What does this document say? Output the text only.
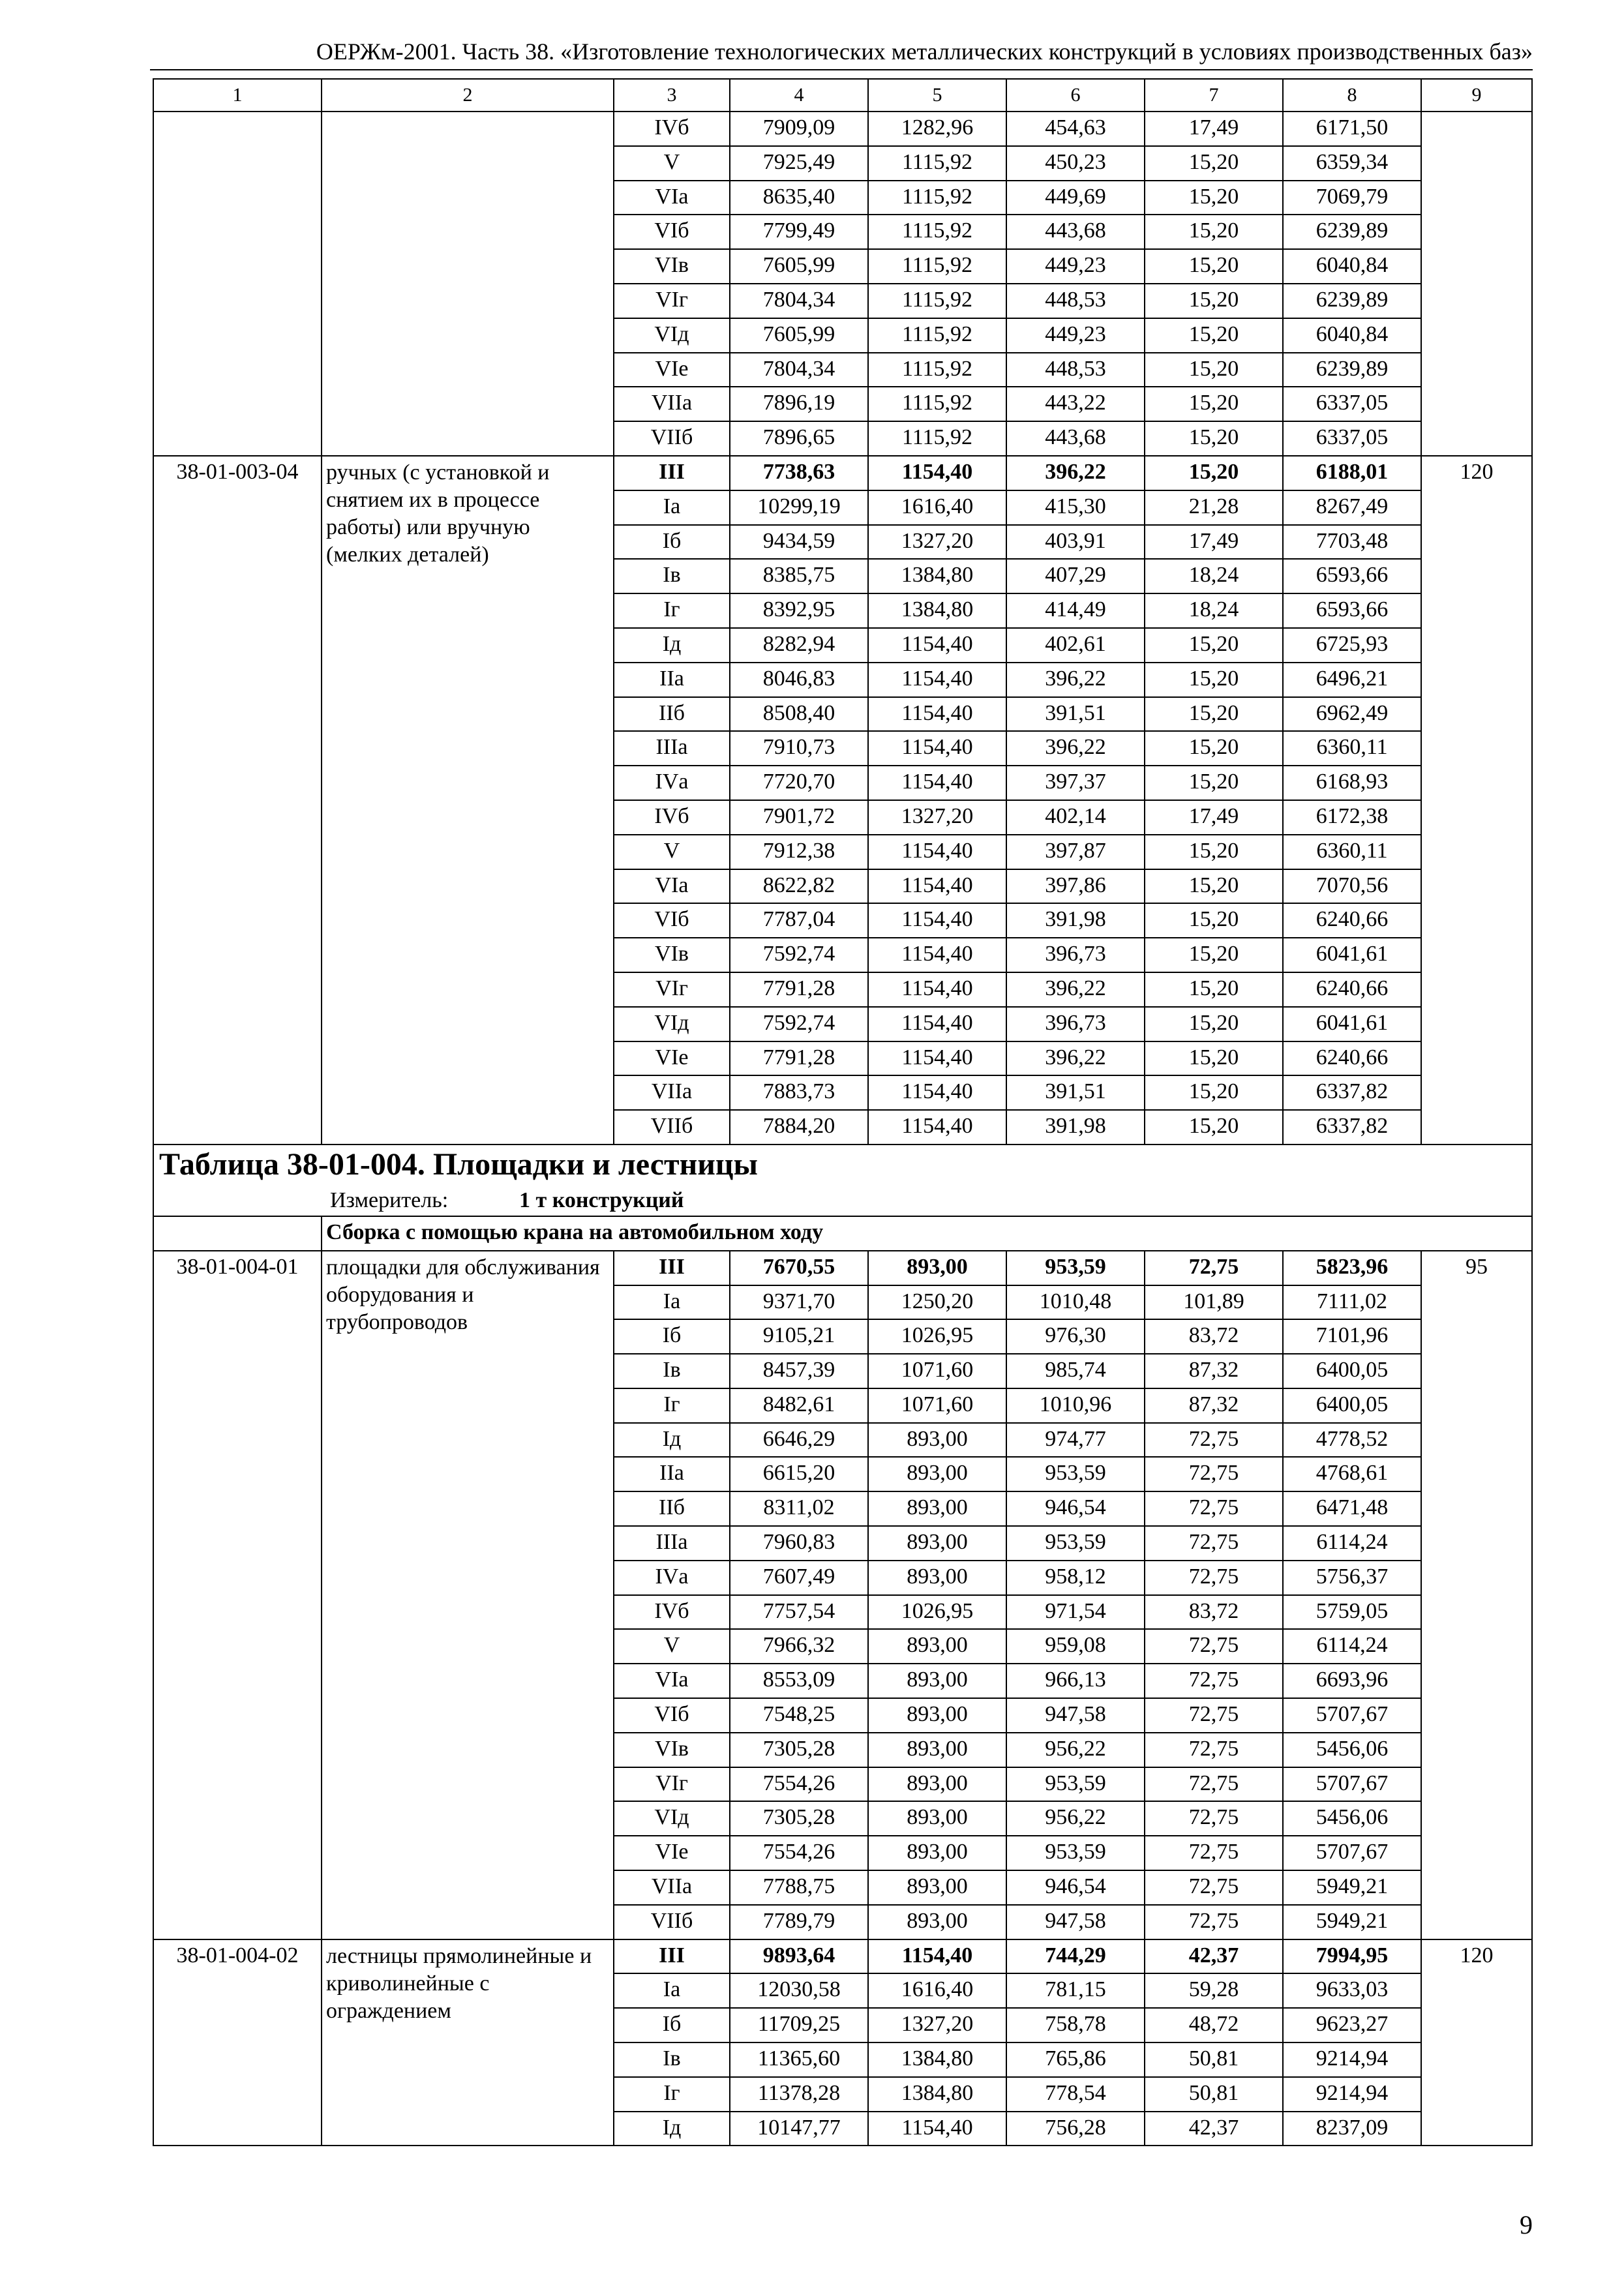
ОЕРЖм-2001. Часть 38. «Изготовление технологических металлических конструкций в условиях производственных баз»
1	2	3	4	5	6	7	8	9
		IVб	7909,09	1282,96	454,63	17,49	6171,50	
		V	7925,49	1115,92	450,23	15,20	6359,34	
		VIа	8635,40	1115,92	449,69	15,20	7069,79	
		VIб	7799,49	1115,92	443,68	15,20	6239,89	
		VIв	7605,99	1115,92	449,23	15,20	6040,84	
		VIг	7804,34	1115,92	448,53	15,20	6239,89	
		VIд	7605,99	1115,92	449,23	15,20	6040,84	
		VIе	7804,34	1115,92	448,53	15,20	6239,89	
		VIIа	7896,19	1115,92	443,22	15,20	6337,05	
		VIIб	7896,65	1115,92	443,68	15,20	6337,05	
38-01-003-04	ручных (с установкой и снятием их в процессе работы) или вручную (мелких деталей)	III	7738,63	1154,40	396,22	15,20	6188,01	120
		Iа	10299,19	1616,40	415,30	21,28	8267,49	
		Iб	9434,59	1327,20	403,91	17,49	7703,48	
		Iв	8385,75	1384,80	407,29	18,24	6593,66	
		Iг	8392,95	1384,80	414,49	18,24	6593,66	
		Iд	8282,94	1154,40	402,61	15,20	6725,93	
		IIа	8046,83	1154,40	396,22	15,20	6496,21	
		IIб	8508,40	1154,40	391,51	15,20	6962,49	
		IIIа	7910,73	1154,40	396,22	15,20	6360,11	
		IVа	7720,70	1154,40	397,37	15,20	6168,93	
		IVб	7901,72	1327,20	402,14	17,49	6172,38	
		V	7912,38	1154,40	397,87	15,20	6360,11	
		VIа	8622,82	1154,40	397,86	15,20	7070,56	
		VIб	7787,04	1154,40	391,98	15,20	6240,66	
		VIв	7592,74	1154,40	396,73	15,20	6041,61	
		VIг	7791,28	1154,40	396,22	15,20	6240,66	
		VIд	7592,74	1154,40	396,73	15,20	6041,61	
		VIе	7791,28	1154,40	396,22	15,20	6240,66	
		VIIа	7883,73	1154,40	391,51	15,20	6337,82	
		VIIб	7884,20	1154,40	391,98	15,20	6337,82	
Таблица 38-01-004. Площадки и лестницы								
Измеритель: 1 т конструкций								
	Сборка с помощью крана на автомобильном ходу							
38-01-004-01	площадки для обслуживания оборудования и трубопроводов	III	7670,55	893,00	953,59	72,75	5823,96	95
		Iа	9371,70	1250,20	1010,48	101,89	7111,02	
		Iб	9105,21	1026,95	976,30	83,72	7101,96	
		Iв	8457,39	1071,60	985,74	87,32	6400,05	
		Iг	8482,61	1071,60	1010,96	87,32	6400,05	
		Iд	6646,29	893,00	974,77	72,75	4778,52	
		IIа	6615,20	893,00	953,59	72,75	4768,61	
		IIб	8311,02	893,00	946,54	72,75	6471,48	
		IIIа	7960,83	893,00	953,59	72,75	6114,24	
		IVа	7607,49	893,00	958,12	72,75	5756,37	
		IVб	7757,54	1026,95	971,54	83,72	5759,05	
		V	7966,32	893,00	959,08	72,75	6114,24	
		VIа	8553,09	893,00	966,13	72,75	6693,96	
		VIб	7548,25	893,00	947,58	72,75	5707,67	
		VIв	7305,28	893,00	956,22	72,75	5456,06	
		VIг	7554,26	893,00	953,59	72,75	5707,67	
		VIд	7305,28	893,00	956,22	72,75	5456,06	
		VIе	7554,26	893,00	953,59	72,75	5707,67	
		VIIа	7788,75	893,00	946,54	72,75	5949,21	
		VIIб	7789,79	893,00	947,58	72,75	5949,21	
38-01-004-02	лестницы прямолинейные и криволинейные с ограждением	III	9893,64	1154,40	744,29	42,37	7994,95	120
		Iа	12030,58	1616,40	781,15	59,28	9633,03	
		Iб	11709,25	1327,20	758,78	48,72	9623,27	
		Iв	11365,60	1384,80	765,86	50,81	9214,94	
		Iг	11378,28	1384,80	778,54	50,81	9214,94	
		Iд	10147,77	1154,40	756,28	42,37	8237,09	
9
